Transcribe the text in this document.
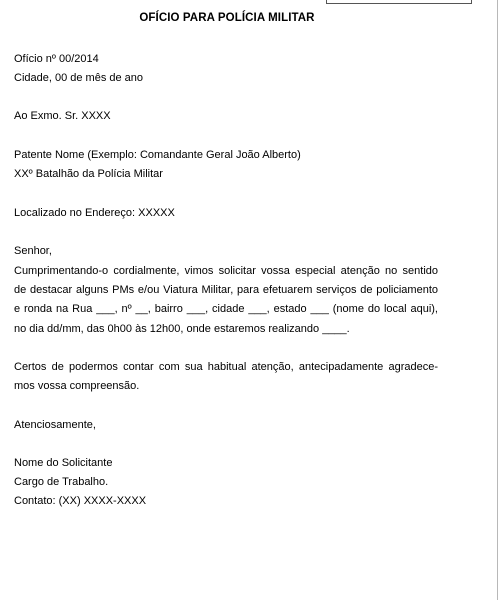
OFÍCIO PARA POLÍCIA MILITAR
Ofício nº 00/2014
Cidade, 00 de mês de ano
Ao Exmo. Sr. XXXX
Patente Nome (Exemplo: Comandante Geral João Alberto)
XXº Batalhão da Polícia Militar
Localizado no Endereço: XXXXX
Senhor,
Cumprimentando-o cordialmente, vimos solicitar vossa especial atenção no sentido
de destacar alguns PMs e/ou Viatura Militar, para efetuarem serviços de policiamento
e ronda na Rua ___, nº __, bairro ___, cidade ___, estado ___ (nome do local aqui),
no dia dd/mm, das 0h00 às 12h00, onde estaremos realizando ____.
Certos de podermos contar com sua habitual atenção, antecipadamente agradece-
mos vossa compreensão.
Atenciosamente,
Nome do Solicitante
Cargo de Trabalho.
Contato: (XX) XXXX-XXXX
